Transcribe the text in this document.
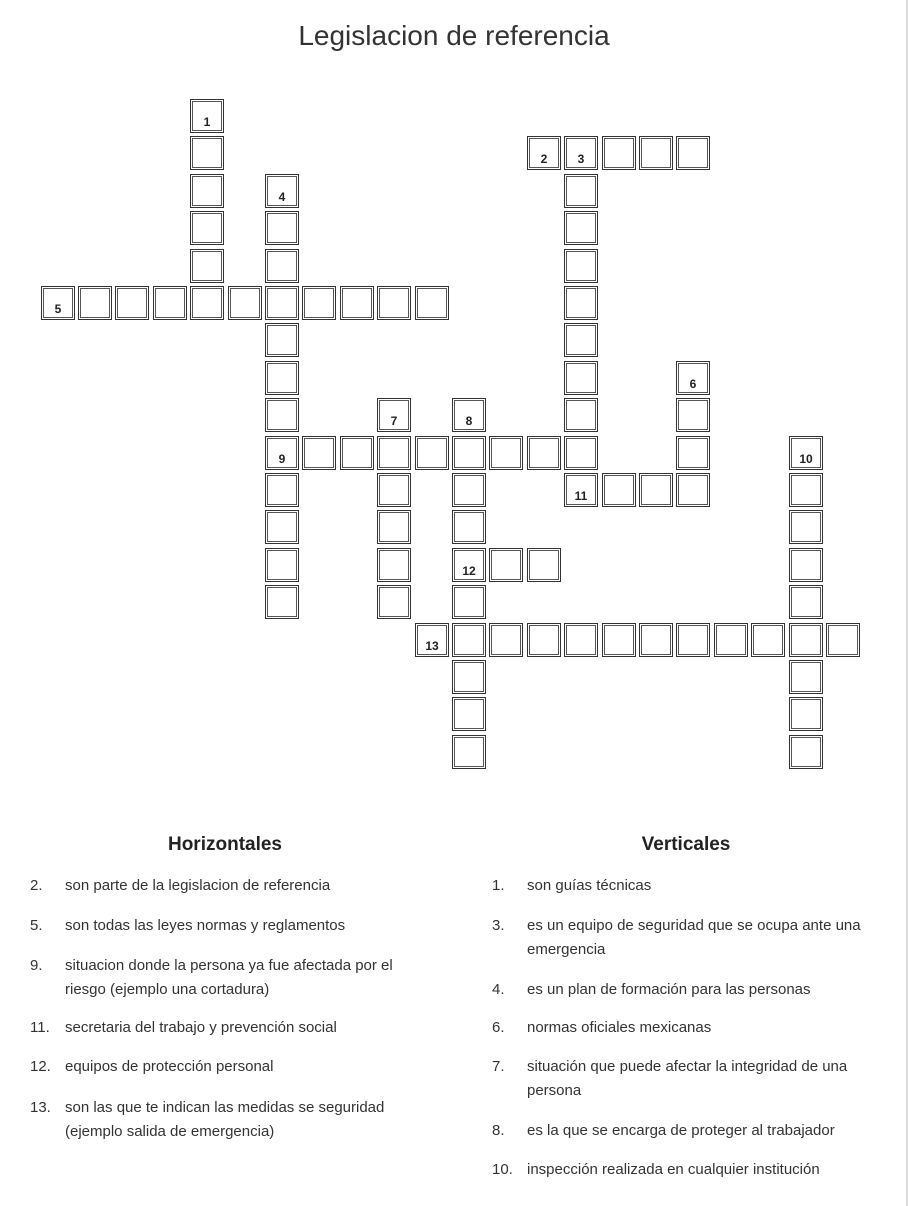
Legislacion de referencia
1
2	3
4
5
6
7	8
9	10
11
12
13
Horizontales	Verticales
2.	son parte de la legislacion de referencia
5.	son todas las leyes normas y reglamentos
9.	situacion donde la persona ya fue afectada por el riesgo (ejemplo una cortadura)
11.	secretaria del trabajo y prevención social
12. equipos de protección personal
13. son las que te indican las medidas se seguridad (ejemplo salida de emergencia)
1.	son guías técnicas
3.	es un equipo de seguridad que se ocupa ante una emergencia
4.	es un plan de formación para las personas
6.	normas oficiales mexicanas
7.	situación que puede afectar la integridad de una persona
8.	es la que se encarga de proteger al trabajador
10. inspección realizada en cualquier institución
